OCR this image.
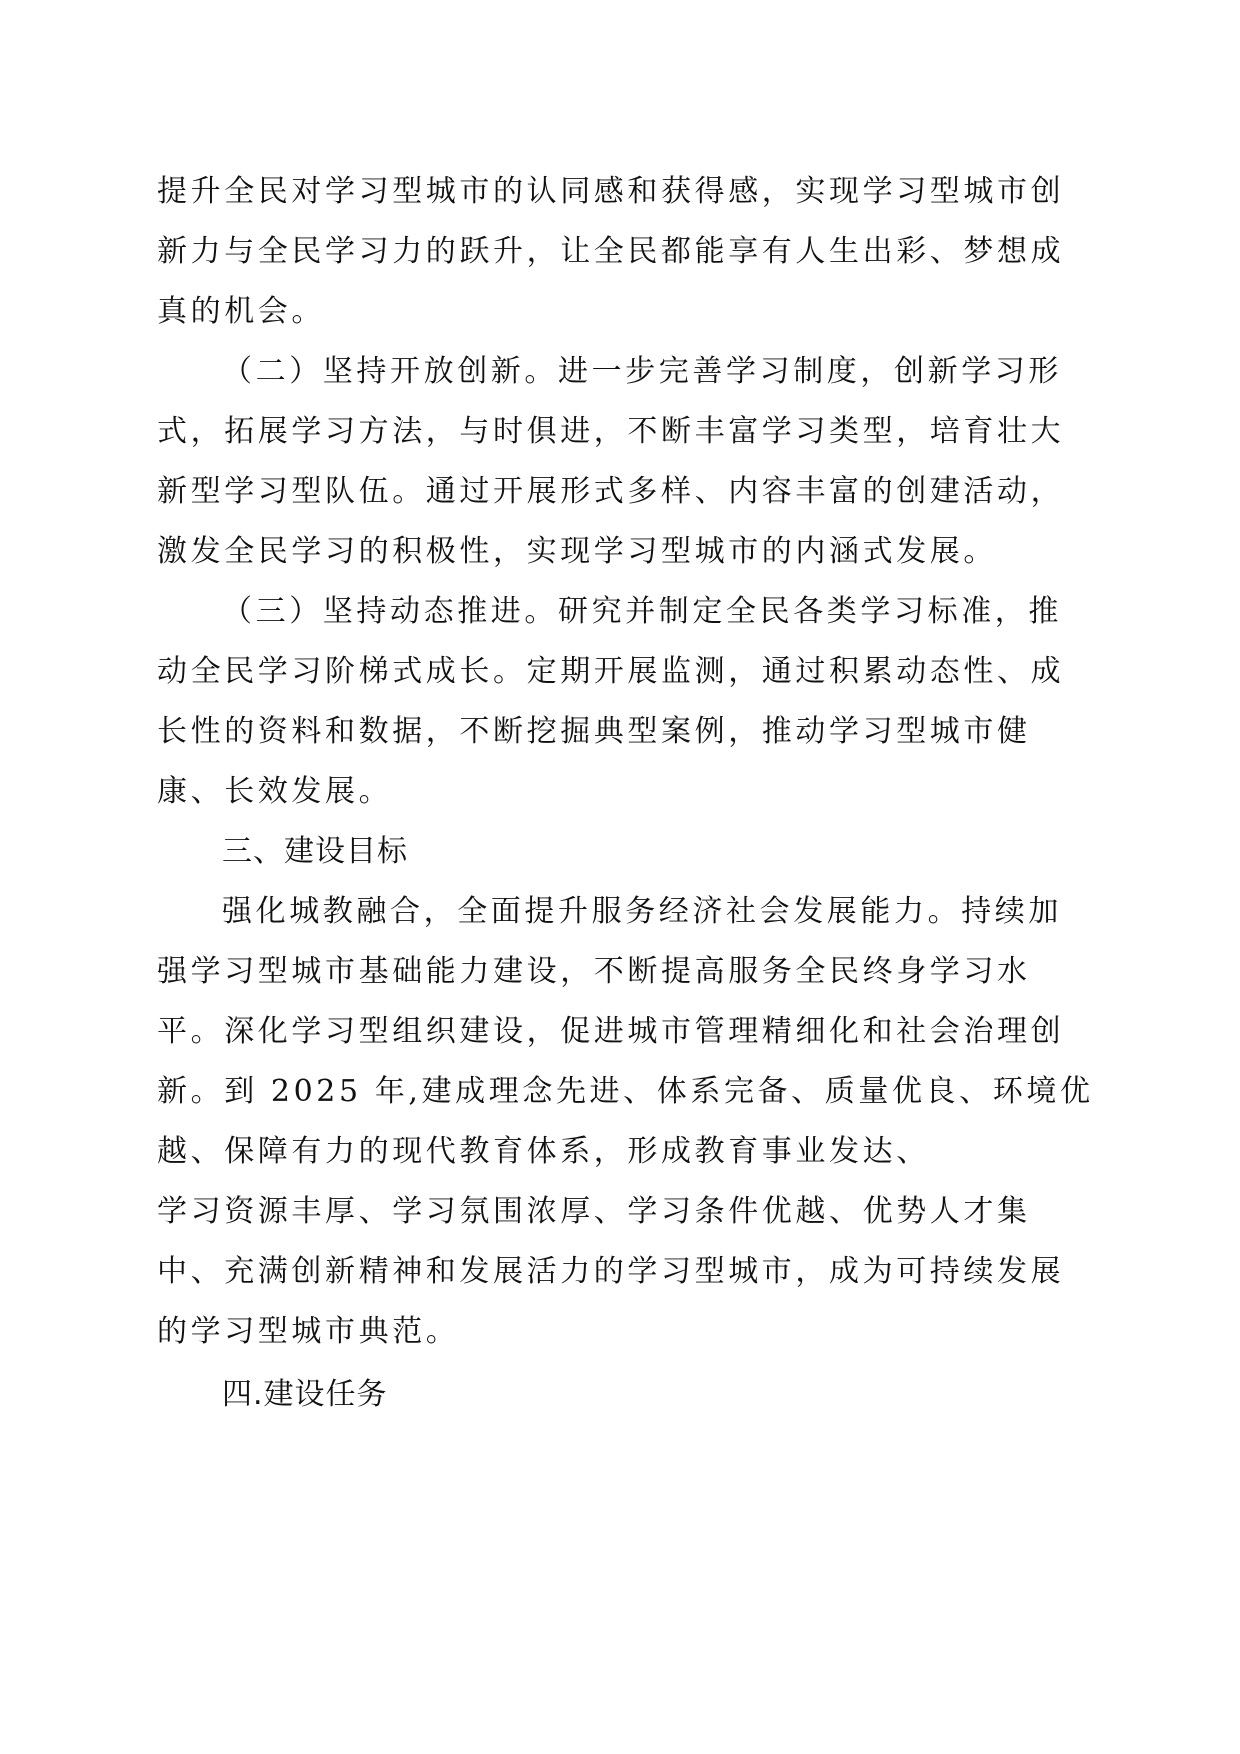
提升全民对学习型城市的认同感和获得感，实现学习型城市创
新力与全民学习力的跃升，让全民都能享有人生出彩、梦想成
真的机会。
（二）坚持开放创新。进一步完善学习制度，创新学习形
式，拓展学习方法，与时俱进，不断丰富学习类型，培育壮大
新型学习型队伍。通过开展形式多样、内容丰富的创建活动，
激发全民学习的积极性，实现学习型城市的内涵式发展。
（三）坚持动态推进。研究并制定全民各类学习标准，推
动全民学习阶梯式成长。定期开展监测，通过积累动态性、成
长性的资料和数据，不断挖掘典型案例，推动学习型城市健
康、长效发展。
三、建设目标
强化城教融合，全面提升服务经济社会发展能力。持续加
强学习型城市基础能力建设，不断提高服务全民终身学习水
平。深化学习型组织建设，促进城市管理精细化和社会治理创
新。到 2025 年,建成理念先进、体系完备、质量优良、环境优
越、保障有力的现代教育体系，形成教育事业发达、
学习资源丰厚、学习氛围浓厚、学习条件优越、优势人才集
中、充满创新精神和发展活力的学习型城市，成为可持续发展
的学习型城市典范。
四.建设任务
